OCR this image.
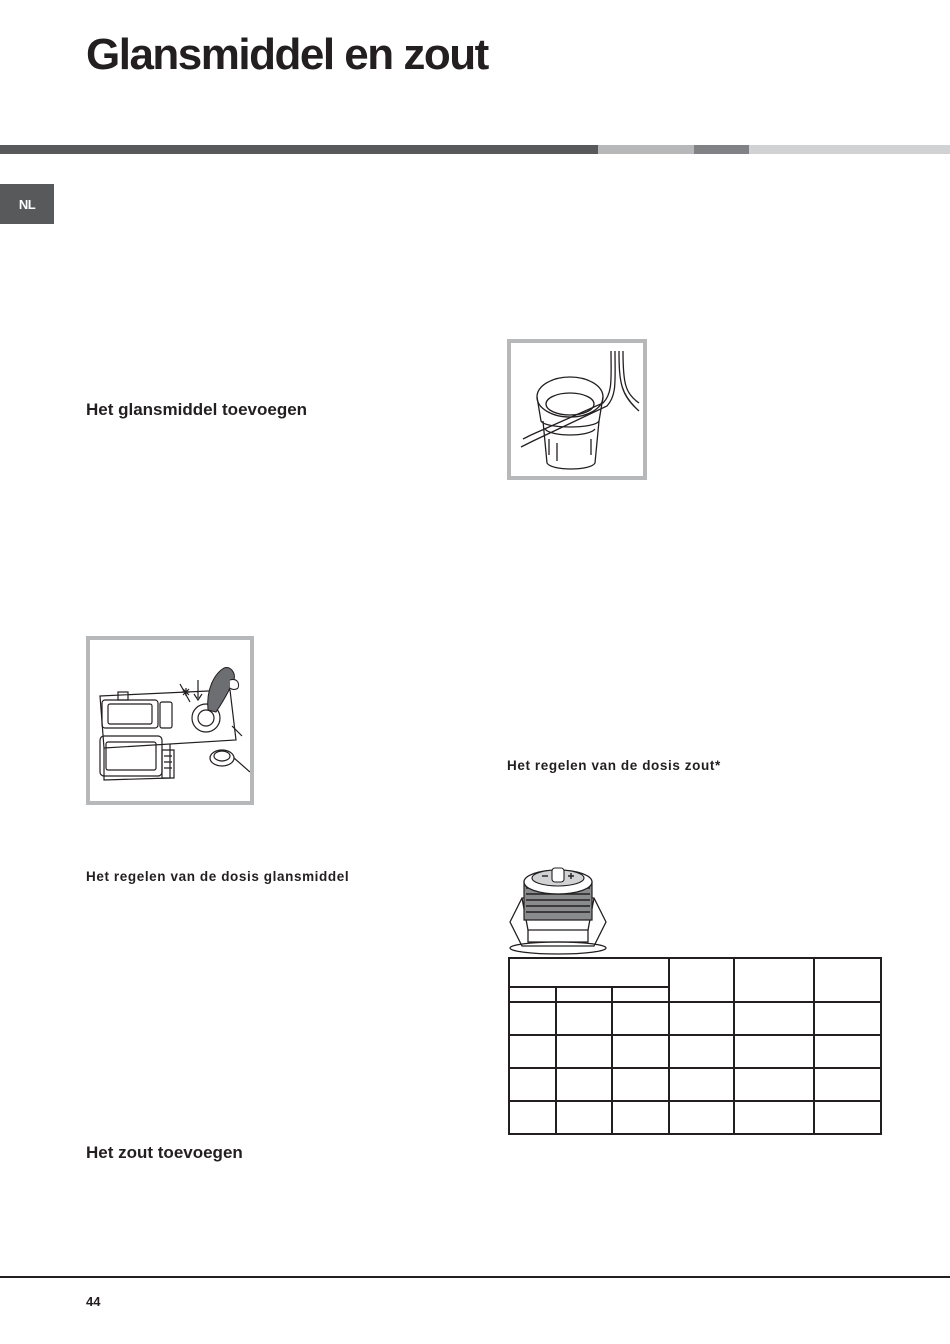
Glansmiddel en zout
NL
Het glansmiddel toevoegen
Het regelen van de dosis zout*
Het regelen van de dosis glansmiddel

Het zout toevoegen
44
